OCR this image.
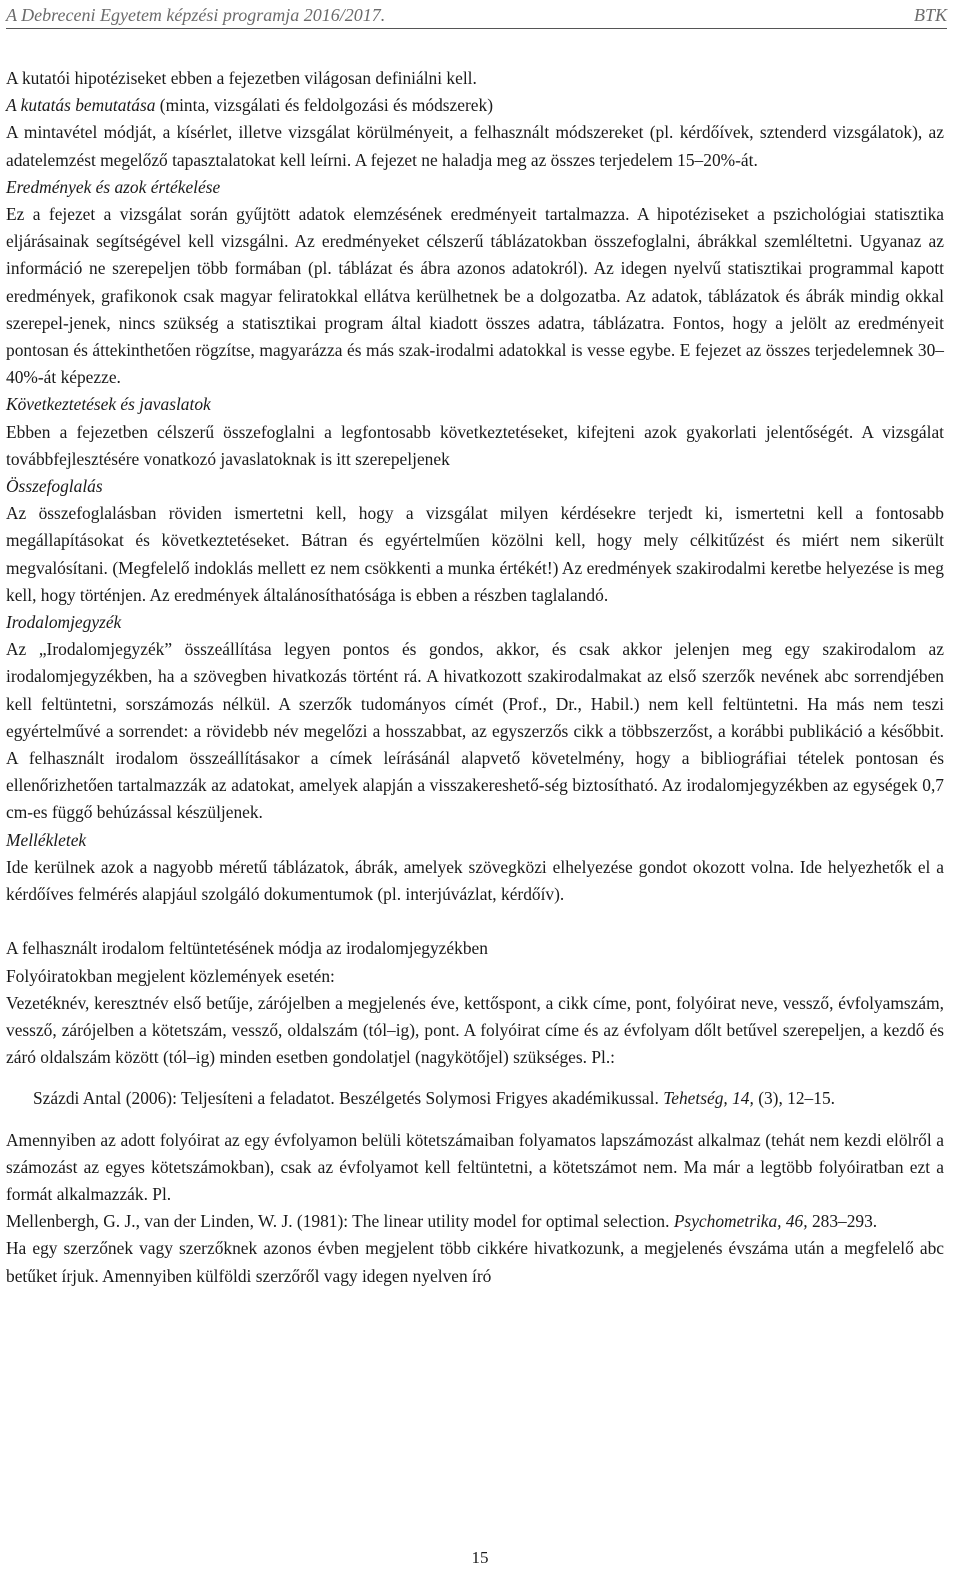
A Debreceni Egyetem képzési programja 2016/2017.	BTK

A kutatói hipotéziseket ebben a fejezetben világosan definiálni kell.

A kutatás bemutatása (minta, vizsgálati és feldolgozási és módszerek)

A mintavétel módját, a kísérlet, illetve vizsgálat körülményeit, a felhasznált módszereket (pl. kérdőívek, sztenderd vizsgálatok), az adatelemzést megelőző tapasztalatokat kell leírni. A fejezet ne haladja meg az összes terjedelem 15–20%-át.

Eredmények és azok értékelése

Ez a fejezet a vizsgálat során gyűjtött adatok elemzésének eredményeit tartalmazza. A hipotéziseket a pszichológiai statisztika eljárásainak segítségével kell vizsgálni. Az eredményeket célszerű táblázatokban összefoglalni, ábrákkal szemléltetni. Ugyanaz az információ ne szerepeljen több formában (pl. táblázat és ábra azonos adatokról). Az idegen nyelvű statisztikai programmal kapott eredmények, grafikonok csak magyar feliratokkal ellátva kerülhetnek be a dolgozatba. Az adatok, táblázatok és ábrák mindig okkal szerepel-jenek, nincs szükség a statisztikai program által kiadott összes adatra, táblázatra. Fontos, hogy a jelölt az eredményeit pontosan és áttekinthetően rögzítse, magyarázza és más szak-irodalmi adatokkal is vesse egybe. E fejezet az összes terjedelemnek 30–40%-át képezze.

Következtetések és javaslatok

Ebben a fejezetben célszerű összefoglalni a legfontosabb következtetéseket, kifejteni azok gyakorlati jelentőségét. A vizsgálat továbbfejlesztésére vonatkozó javaslatoknak is itt szerepeljenek

Összefoglalás

Az összefoglalásban röviden ismertetni kell, hogy a vizsgálat milyen kérdésekre terjedt ki, ismertetni kell a fontosabb megállapításokat és következtetéseket. Bátran és egyértelműen közölni kell, hogy mely célkitűzést és miért nem sikerült megvalósítani. (Megfelelő indoklás mellett ez nem csökkenti a munka értékét!) Az eredmények szakirodalmi keretbe helyezése is meg kell, hogy történjen. Az eredmények általánosíthatósága is ebben a részben taglalandó.

Irodalomjegyzék

Az „Irodalomjegyzék” összeállítása legyen pontos és gondos, akkor, és csak akkor jelenjen meg egy szakirodalom az irodalomjegyzékben, ha a szövegben hivatkozás történt rá. A hivatkozott szakirodalmakat az első szerzők nevének abc sorrendjében kell feltüntetni, sorszámozás nélkül. A szerzők tudományos címét (Prof., Dr., Habil.) nem kell feltüntetni. Ha más nem teszi egyértelművé a sorrendet: a rövidebb név megelőzi a hosszabbat, az egyszerzős cikk a többszerzőst, a korábbi publikáció a későbbit. A felhasznált irodalom összeállításakor a címek leírásánál alapvető követelmény, hogy a bibliográfiai tételek pontosan és ellenőrizhetően tartalmazzák az adatokat, amelyek alapján a visszakereshető-ség biztosítható. Az irodalomjegyzékben az egységek 0,7 cm-es függő behúzással készüljenek.

Mellékletek

Ide kerülnek azok a nagyobb méretű táblázatok, ábrák, amelyek szövegközi elhelyezése gondot okozott volna. Ide helyezhetők el a kérdőíves felmérés alapjául szolgáló dokumentumok (pl. interjúvázlat, kérdőív).

A felhasznált irodalom feltüntetésének módja az irodalomjegyzékben

Folyóiratokban megjelent közlemények esetén:

Vezetéknév, keresztnév első betűje, zárójelben a megjelenés éve, kettőspont, a cikk címe, pont, folyóirat neve, vessző, évfolyamszám, vessző, zárójelben a kötetszám, vessző, oldalszám (tól–ig), pont. A folyóirat címe és az évfolyam dőlt betűvel szerepeljen, a kezdő és záró oldalszám között (tól–ig) minden esetben gondolatjel (nagykötőjel) szükséges. Pl.:

Százdi Antal (2006): Teljesíteni a feladatot. Beszélgetés Solymosi Frigyes akadémikussal. Tehetség, 14, (3), 12–15.

Amennyiben az adott folyóirat az egy évfolyamon belüli kötetszámaiban folyamatos lapszámozást alkalmaz (tehát nem kezdi elölről a számozást az egyes kötetszámokban), csak az évfolyamot kell feltüntetni, a kötetszámot nem. Ma már a legtöbb folyóiratban ezt a formát alkalmazzák. Pl.

Mellenbergh, G. J., van der Linden, W. J. (1981): The linear utility model for optimal selection. Psychometrika, 46, 283–293.

Ha egy szerzőnek vagy szerzőknek azonos évben megjelent több cikkére hivatkozunk, a megjelenés évszáma után a megfelelő abc betűket írjuk. Amennyiben külföldi szerzőről vagy idegen nyelven író

15
